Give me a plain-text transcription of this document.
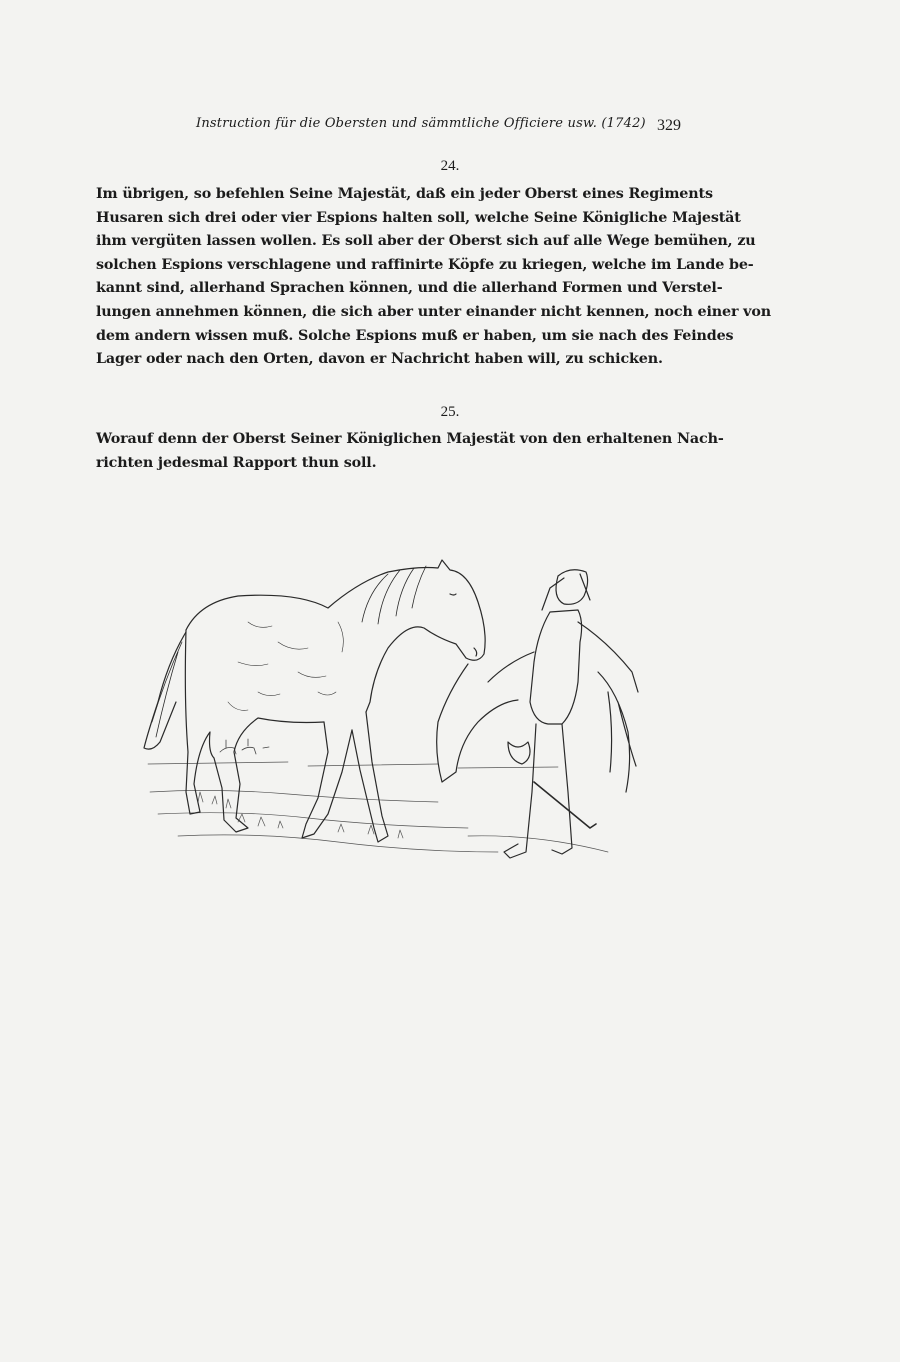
Instruction für die Obersten und sämmtliche Officiere usw. (1742) 329
24.
Im übrigen, so befehlen Seine Majestät, daß ein jeder Oberst eines Regiments
Husaren sich drei oder vier Espions halten soll, welche Seine Königliche Majestät
ihm vergüten lassen wollen. Es soll aber der Oberst sich auf alle Wege bemühen, zu
solchen Espions verschlagene und raffinirte Köpfe zu kriegen, welche im Lande be-
kannt sind, allerhand Sprachen können, und die allerhand Formen und Verstel-
lungen annehmen können, die sich aber unter einander nicht kennen, noch einer von
dem andern wissen muß. Solche Espions muß er haben, um sie nach des Feindes
Lager oder nach den Orten, davon er Nachricht haben will, zu schicken.
25.
Worauf denn der Oberst Seiner Königlichen Majestät von den erhaltenen Nach-
richten jedesmal Rapport thun soll.
